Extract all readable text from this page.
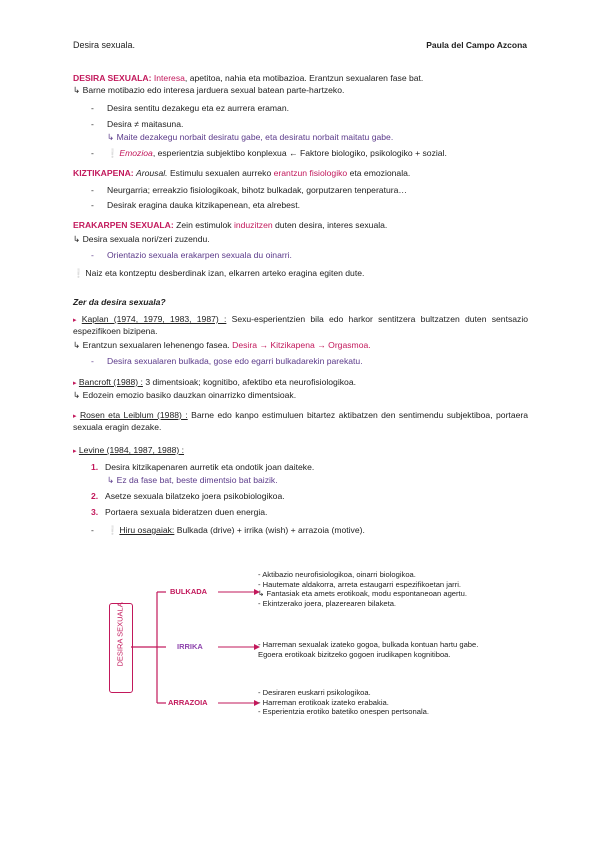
Desira sexuala.	Paula del Campo Azcona
DESIRA SEXUALA: Interesa, apetitoa, nahia eta motibazioa. Erantzun sexualaren fase bat.
↳ Barne motibazio edo interesa jarduera sexual batean parte-hartzeko.
- Desira sentitu dezakegu eta ez aurrera eraman.
- Desira ≠ maitasuna.
↳ Maite dezakegu norbait desiratu gabe, eta desiratu norbait maitatu gabe.
- ❕ Emozioa, esperientzia subjektibo konplexua ← Faktore biologiko, psikologiko + sozial.
KIZTIKAPENA: Arousal. Estimulu sexualen aurreko erantzun fisiologiko eta emozionala.
- Neurgarria; erreakzio fisiologikoak, bihotz bulkadak, gorputzaren tenperatura…
- Desirak eragina dauka kitzikapenean, eta alrebest.
ERAKARPEN SEXUALA: Zein estimulok induzitzen duten desira, interes sexuala.
↳ Desira sexuala nori/zeri zuzendu.
- Orientazio sexuala erakarpen sexuala du oinarri.
❕ Naiz eta kontzeptu desberdinak izan, elkarren arteko eragina egiten dute.
Zer da desira sexuala?
▸ Kaplan (1974, 1979, 1983, 1987) : Sexu-esperientzien bila edo harkor sentitzera bultzatzen duten sentsazio espezifikoen bizipena.
↳ Erantzun sexualaren lehenengo fasea. Desira → Kitzikapena → Orgasmoa.
- Desira sexualaren bulkada, gose edo egarri bulkadarekin parekatu.
▸ Bancroft (1988) : 3 dimentsioak; kognitibo, afektibo eta neurofisiologikoa.
↳ Edozein emozio basiko dauzkan oinarrizko dimentsioak.
▸ Rosen eta Leiblum (1988) : Barne edo kanpo estimuluen bitartez aktibatzen den sentimendu subjektiboa, portaera sexuala eragin dezake.
▸ Levine (1984, 1987, 1988) :
1. Desira kitzikapenaren aurretik eta ondotik joan daiteke.
↳ Ez da fase bat, beste dimentsio bat baizik.
2. Asetze sexuala bilatzeko joera psikobiologikoa.
3. Portaera sexuala bideratzen duen energia.
- ❕ Hiru osagaiak: Bulkada (drive) + irrika (wish) + arrazoia (motive).
DESIRA SEXUALA
BULKADA
IRRIKA
ARRAZOIA
- Aktibazio neurofisiologikoa, oinarri biologikoa.
- Hautemate aldakorra, arreta estaugarri espezifikoetan jarri.
↳ Fantasiak eta amets erotikoak, modu espontaneoan agertu.
- Ekintzerako joera, plazerearen bilaketa.
- Harreman sexualak izateko gogoa, bulkada kontuan hartu gabe.
Egoera erotikoak bizitzeko gogoen irudikapen kognitiboa.
- Desiraren euskarri psikologikoa.
- Harreman erotikoak izateko erabakia.
- Esperientzia erotiko batetiko onespen pertsonala.
